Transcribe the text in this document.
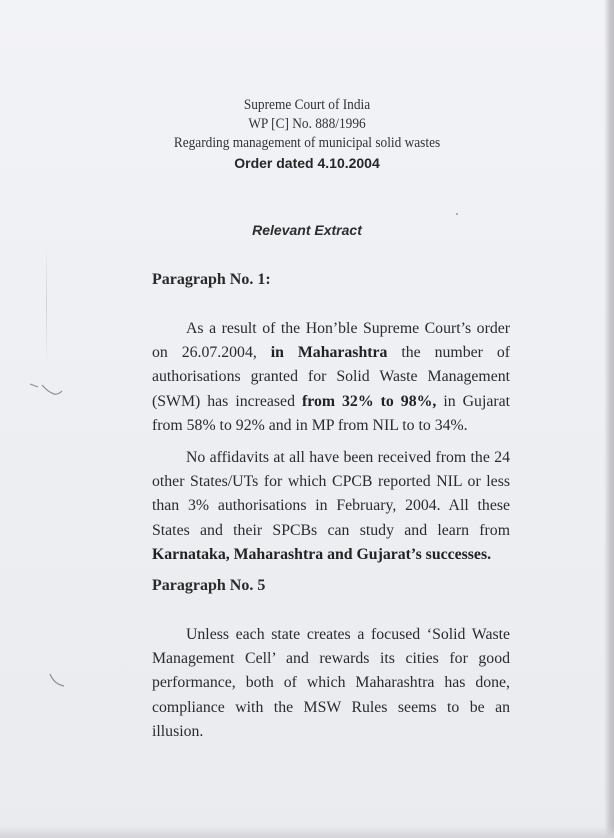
Supreme Court of India
WP [C] No. 888/1996
Regarding management of municipal solid wastes
Order dated 4.10.2004
Relevant Extract
Paragraph No. 1:
As a result of the Hon’ble Supreme Court’s order on 26.07.2004, in Maharashtra the number of authorisations granted for Solid Waste Management (SWM) has increased from 32% to 98%, in Gujarat from 58% to 92% and in MP from NIL to to 34%.
No affidavits at all have been received from the 24 other States/UTs for which CPCB reported NIL or less than 3% authorisations in February, 2004. All these States and their SPCBs can study and learn from Karnataka, Maharashtra and Gujarat’s successes.
Paragraph No. 5
Unless each state creates a focused ‘Solid Waste Management Cell’ and rewards its cities for good performance, both of which Maharashtra has done, compliance with the MSW Rules seems to be an illusion.
